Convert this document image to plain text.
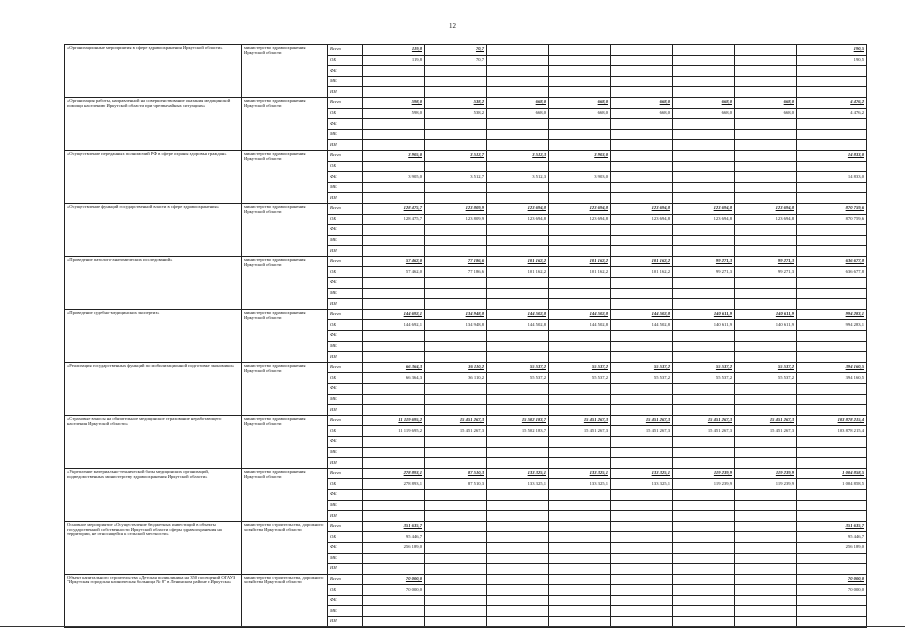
12
«Организационные мероприятия в сфере здравоохранения Иркутской области»	министерство здравоохранения Иркутской области	Всего	119,8	70,7						190,5
		ОБ	119,8	70,7						190,5
		ФБ								
		МБ								
		ИИ								
«Организация работы, направленной на совершенствование оказания медицинской помощи населению Иркутской области при чрезвычайных ситуациях»	министерство здравоохранения Иркутской области	Всего	598,0	538,2	668,0	668,0	668,0	668,0	668,0	4 476,2
		ОБ	598,0	538,2	668,0	668,0	668,0	668,0	668,0	4 476,2
		ФБ								
		МБ								
		ИИ								
«Осуществление переданных полномочий РФ в сфере охраны здоровья граждан»	министерство здравоохранения Иркутской области	Всего	3 905,0	3 512,7	3 512,3	3 903,0				14 833,0
		ОБ								
		ФБ	3 905,0	3 512,7	3 512,3	3 903,0				14 833,0
		МБ								
		ИИ								
«Осуществление функций государственной власти в сфере здравоохранения»	министерство здравоохранения Иркутской области	Всего	128 475,7	123 809,9	123 694,8	123 694,8	123 694,8	123 694,8	123 694,8	870 759,6
		ОБ	128 475,7	123 809,9	123 694,8	123 694,8	123 694,8	123 694,8	123 694,8	870 759,6
		ФБ								
		МБ								
		ИИ								
«Проведение патолого-анатомических исследований»	министерство здравоохранения Иркутской области	Всего	57 462,0	77 186,6	101 162,2	101 162,2	101 162,2	99 271,3	99 271,3	636 677,8
		ОБ	57 462,0	77 186,6	101 162,2	101 162,2	101 162,2	99 271,3	99 271,3	636 677,8
		ФБ								
		МБ								
		ИИ								
«Проведение судебно-медицинских экспертиз»	министерство здравоохранения Иркутской области	Всего	144 692,1	134 948,8	144 502,8	144 502,8	144 502,8	140 611,9	140 611,9	994 283,1
		ОБ	144 692,1	134 948,8	144 502,8	144 502,8	144 502,8	140 611,9	140 611,9	994 283,1
		ФБ								
		МБ								
		ИИ								
«Реализация государственных функций по мобилизационной подготовке экономики»	министерство здравоохранения Иркутской области	Всего	66 364,3	36 110,2	55 537,2	55 537,2	55 537,2	55 537,2	55 537,2	394 160,5
		ОБ	66 364,3	36 110,2	55 537,2	55 537,2	55 537,2	55 537,2	55 537,2	394 160,5
		ФБ								
		МБ								
		ИИ								
«Страховые взносы на обязательное медицинское страхование неработающего населения Иркутской области»	министерство здравоохранения Иркутской области	Всего	11 119 695,2	15 451 267,3	15 502 183,7	15 451 267,3	15 451 267,3	15 451 267,3	15 451 267,3	103 878 215,4
		ОБ	11 119 695,2	15 451 267,3	15 502 183,7	15 451 267,3	15 451 267,3	15 451 267,3	15 451 267,3	103 878 215,4
		ФБ								
		МБ								
		ИИ								
«Укрепление материально-технической базы медицинских организаций, подведомственных министерству здравоохранения Иркутской области»	министерство здравоохранения Иркутской области	Всего	278 893,1	87 510,3	133 325,1	133 325,1	133 325,1	119 239,9	119 239,9	1 004 858,5
		ОБ	278 893,1	87 510,3	133 325,1	133 325,1	133 325,1	119 239,9	119 239,9	1 004 858,5
		ФБ								
		МБ								
		ИИ								
Основное мероприятие «Осуществление бюджетных инвестиций в объекты государственной собственности Иркутской области сферы здравоохранения на территории, не относящейся к сельской местности»	министерство строительства, дорожного хозяйства Иркутской области	Всего	351 635,7							351 635,7
		ОБ	95 446,7							95 446,7
		ФБ	256 189,0							256 189,0
		МБ								
		ИИ								
Объект капитального строительства «Детская поликлиника на 350 посещений ОГАУЗ "Иркутская городская клиническая больница № 8" в Ленинском районе г.Иркутска»	министерство строительства, дорожного хозяйства Иркутской области	Всего	70 000,0							70 000,0
		ОБ	70 000,0							70 000,0
		ФБ								
		МБ								
		ИИ								
